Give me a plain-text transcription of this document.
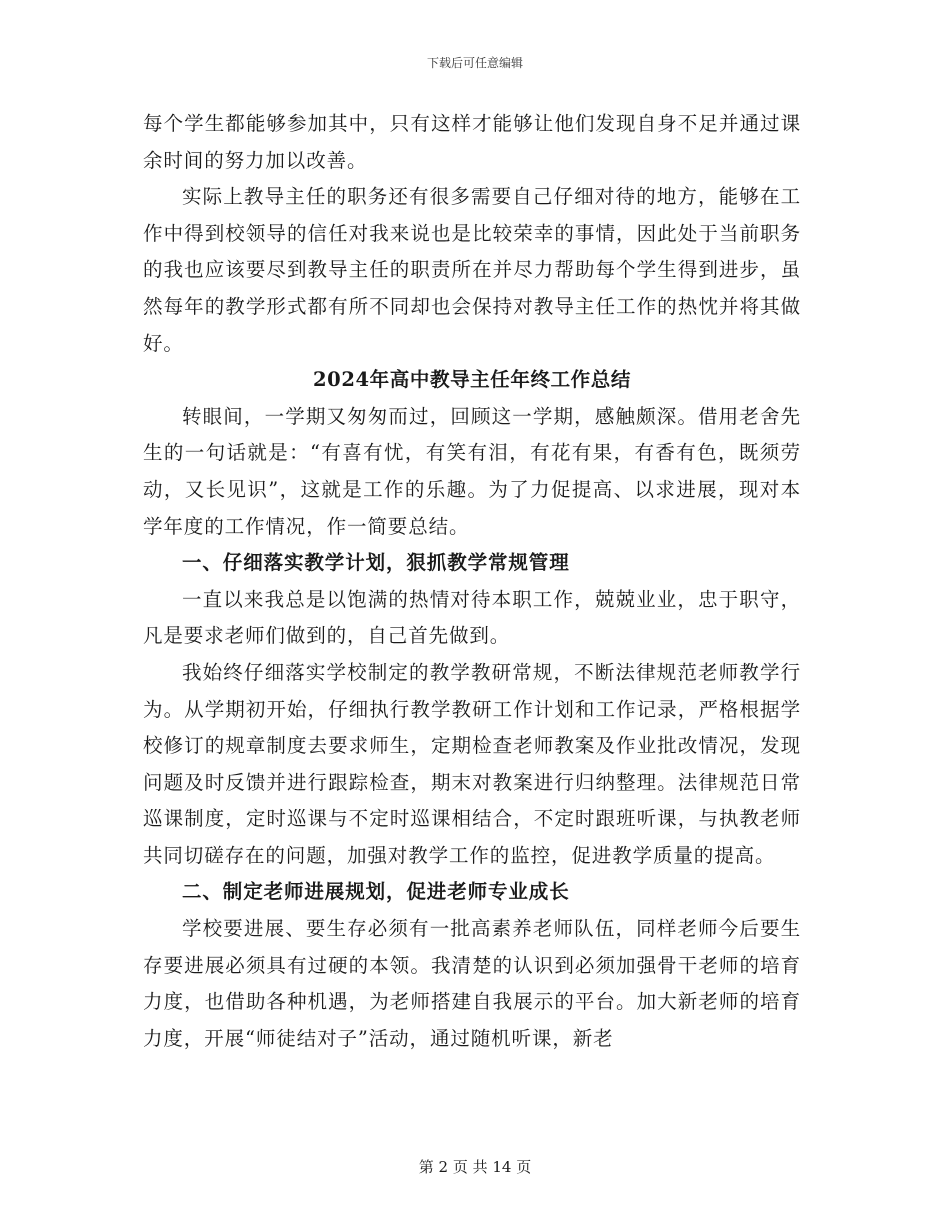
下载后可任意编辑

每个学生都能够参加其中，只有这样才能够让他们发现自身不足并通过课余时间的努力加以改善。

实际上教导主任的职务还有很多需要自己仔细对待的地方，能够在工作中得到校领导的信任对我来说也是比较荣幸的事情，因此处于当前职务的我也应该要尽到教导主任的职责所在并尽力帮助每个学生得到进步，虽然每年的教学形式都有所不同却也会保持对教导主任工作的热忱并将其做好。

2024年高中教导主任年终工作总结

转眼间，一学期又匆匆而过，回顾这一学期，感触颇深。借用老舍先生的一句话就是：“有喜有忧，有笑有泪，有花有果，有香有色，既须劳动，又长见识”，这就是工作的乐趣。为了力促提高、以求进展，现对本学年度的工作情况，作一简要总结。

一、仔细落实教学计划，狠抓教学常规管理

一直以来我总是以饱满的热情对待本职工作，兢兢业业，忠于职守，凡是要求老师们做到的，自己首先做到。

我始终仔细落实学校制定的教学教研常规，不断法律规范老师教学行为。从学期初开始，仔细执行教学教研工作计划和工作记录，严格根据学校修订的规章制度去要求师生，定期检查老师教案及作业批改情况，发现问题及时反馈并进行跟踪检查，期末对教案进行归纳整理。法律规范日常巡课制度，定时巡课与不定时巡课相结合，不定时跟班听课，与执教老师共同切磋存在的问题，加强对教学工作的监控，促进教学质量的提高。

二、制定老师进展规划，促进老师专业成长

学校要进展、要生存必须有一批高素养老师队伍，同样老师今后要生存要进展必须具有过硬的本领。我清楚的认识到必须加强骨干老师的培育力度，也借助各种机遇，为老师搭建自我展示的平台。加大新老师的培育力度，开展“师徒结对子”活动，通过随机听课，新老

第 2 页 共 14 页
